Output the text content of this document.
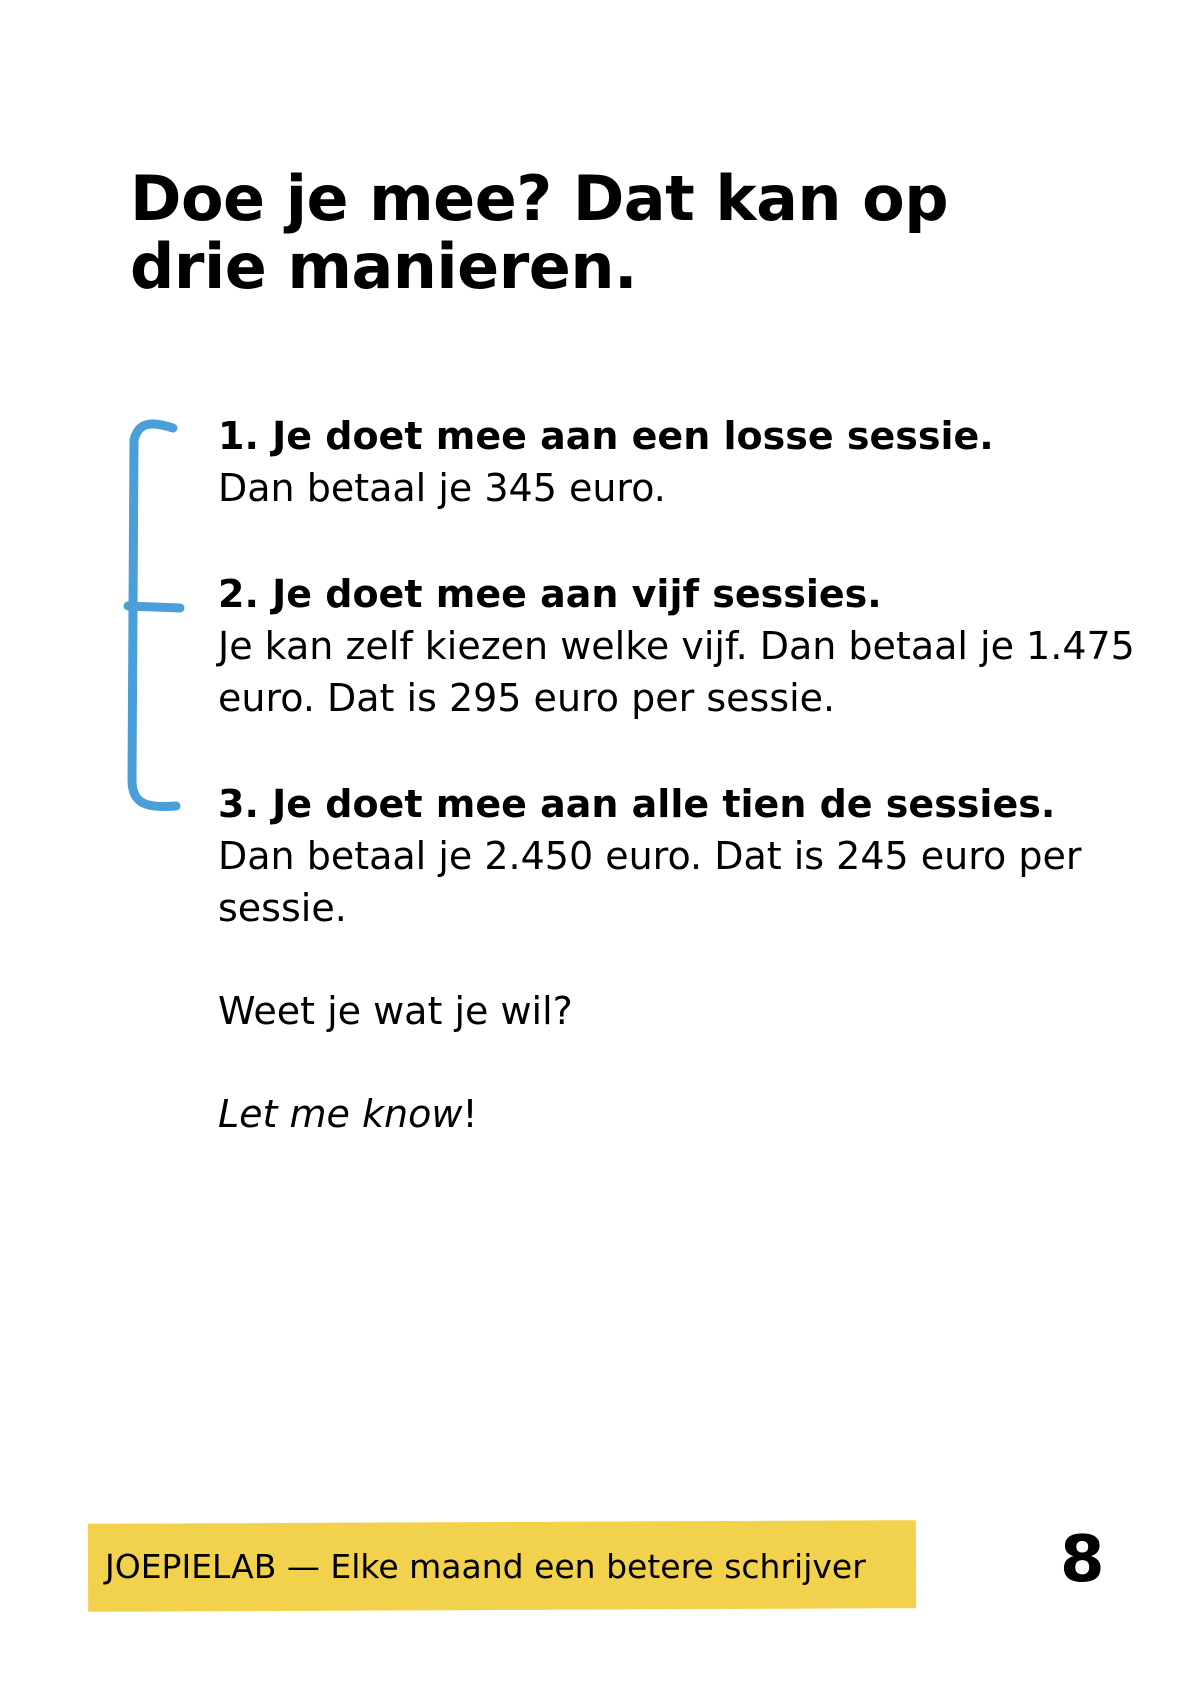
Doe je mee? Dat kan op drie manieren.
1. Je doet mee aan een losse sessie.
Dan betaal je 345 euro.
2. Je doet mee aan vijf sessies.
Je kan zelf kiezen welke vijf. Dan betaal je 1.475 euro. Dat is 295 euro per sessie.
3. Je doet mee aan alle tien de sessies.
Dan betaal je 2.450 euro. Dat is 245 euro per sessie.
Weet je wat je wil?
Let me know!
JOEPIELAB — Elke maand een betere schrijver	8
